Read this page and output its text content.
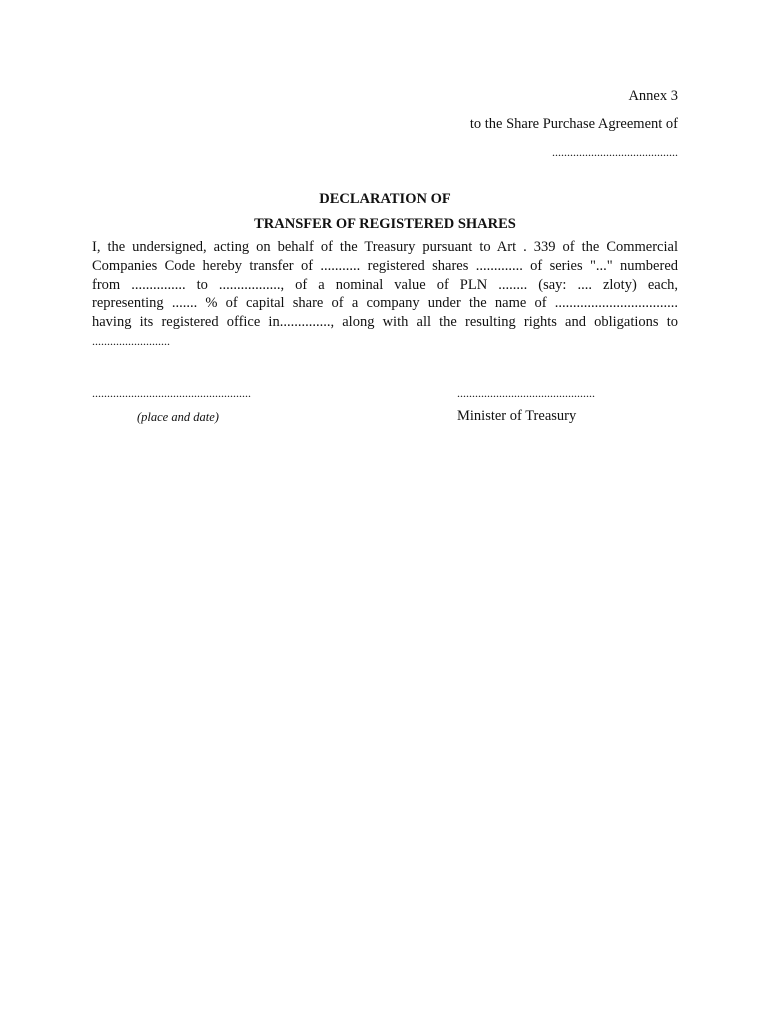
Annex 3
to the Share Purchase Agreement of
..........................................
DECLARATION OF
TRANSFER OF REGISTERED SHARES
I, the undersigned, acting on behalf of the Treasury pursuant to Art . 339 of the Commercial
Companies Code hereby transfer of ........... registered shares ............. of series "..." numbered
from ............... to ................., of a nominal value of PLN ........ (say: .... zloty) each,
representing ....... % of capital share of a company under the name of ..................................
having its registered office in.............., along with all the resulting rights and obligations to
..........................
.....................................................
(place and date)
..............................................
Minister of Treasury
